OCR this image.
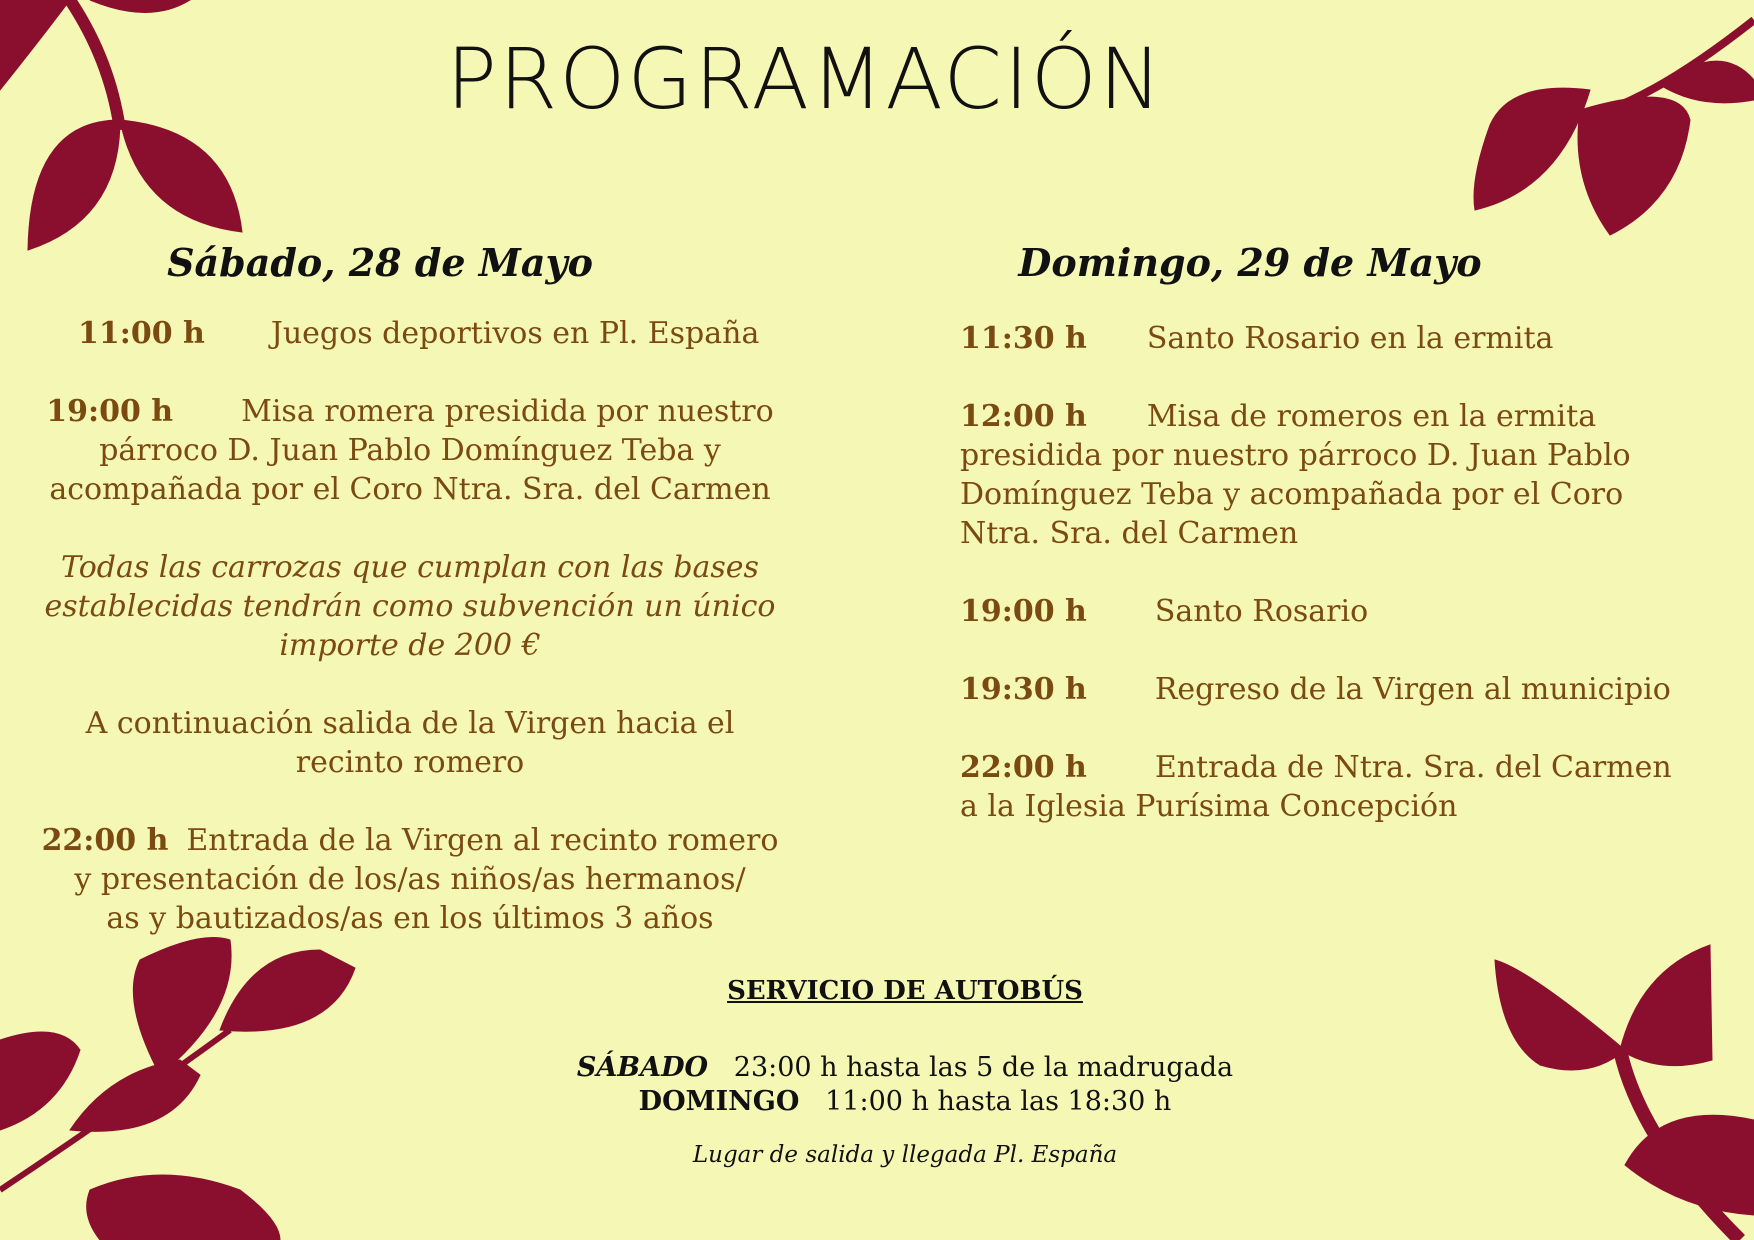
PROGRAMACIÓN
Sábado, 28 de Mayo	Domingo, 29 de Mayo

11:00 h Juegos deportivos en Pl. España

19:00 h Misa romera presidida por nuestro
párroco D. Juan Pablo Domínguez Teba y
acompañada por el Coro Ntra. Sra. del Carmen
Todas las carrozas que cumplan con las bases
establecidas tendrán como subvención un único
importe de 200 €
A continuación salida de la Virgen hacia el
recinto romero
22:00 h Entrada de la Virgen al recinto romero
y presentación de los/as niños/as hermanos/
as y bautizados/as en los últimos 3 años

11:30 h Santo Rosario en la ermita

12:00 h Misa de romeros en la ermita
presidida por nuestro párroco D. Juan Pablo
Domínguez Teba y acompañada por el Coro
Ntra. Sra. del Carmen

19:00 h Santo Rosario

19:30 h Regreso de la Virgen al municipio

22:00 h Entrada de Ntra. Sra. del Carmen
a la Iglesia Purísima Concepción
SERVICIO DE AUTOBÚS
SÁBADO 23:00 h hasta las 5 de la madrugada
DOMINGO 11:00 h hasta las 18:30 h
Lugar de salida y llegada Pl. España
